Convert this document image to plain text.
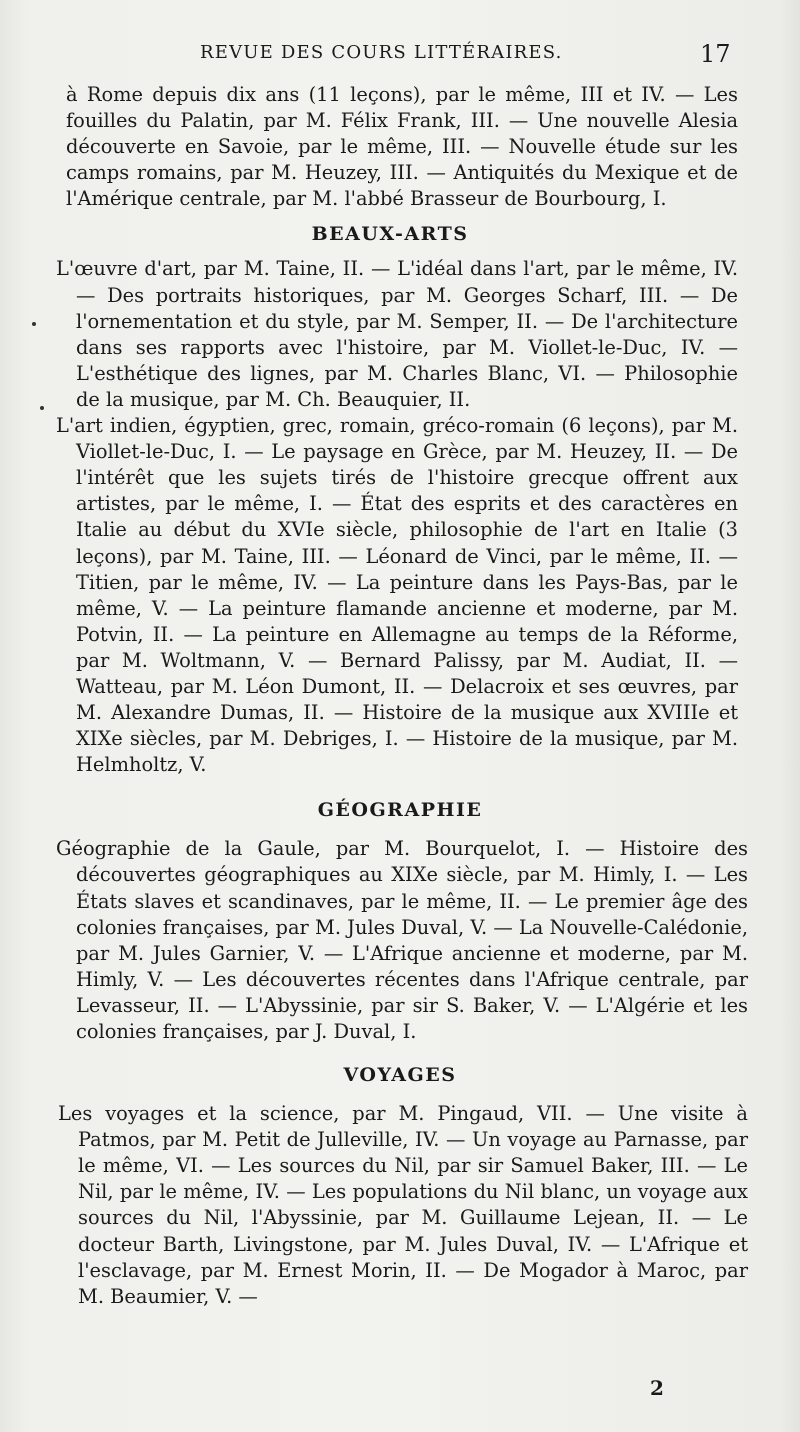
REVUE DES COURS LITTÉRAIRES.	17

à Rome depuis dix ans (11 leçons), par le même, III et IV. — Les fouilles du Palatin, par M. Félix Frank, III. — Une nouvelle Alesia découverte en Savoie, par le même, III. — Nouvelle étude sur les camps romains, par M. Heuzey, III. — Antiquités du Mexique et de l'Amérique centrale, par M. l'abbé Brasseur de Bourbourg, I.

BEAUX-ARTS

L'œuvre d'art, par M. Taine, II. — L'idéal dans l'art, par le même, IV. — Des portraits historiques, par M. Georges Scharf, III. — De l'ornementation et du style, par M. Semper, II. — De l'architecture dans ses rapports avec l'histoire, par M. Viollet-le-Duc, IV. — L'esthétique des lignes, par M. Charles Blanc, VI. — Philosophie de la musique, par M. Ch. Beauquier, II.

L'art indien, égyptien, grec, romain, gréco-romain (6 leçons), par M. Viollet-le-Duc, I. — Le paysage en Grèce, par M. Heuzey, II. — De l'intérêt que les sujets tirés de l'histoire grecque offrent aux artistes, par le même, I. — État des esprits et des caractères en Italie au début du XVIe siècle, philosophie de l'art en Italie (3 leçons), par M. Taine, III. — Léonard de Vinci, par le même, II. — Titien, par le même, IV. — La peinture dans les Pays-Bas, par le même, V. — La peinture flamande ancienne et moderne, par M. Potvin, II. — La peinture en Allemagne au temps de la Réforme, par M. Woltmann, V. — Bernard Palissy, par M. Audiat, II. — Watteau, par M. Léon Dumont, II. — Delacroix et ses œuvres, par M. Alexandre Dumas, II. — Histoire de la musique aux XVIIIe et XIXe siècles, par M. Debriges, I. — Histoire de la musique, par M. Helmholtz, V.

GÉOGRAPHIE

Géographie de la Gaule, par M. Bourquelot, I. — Histoire des découvertes géographiques au XIXe siècle, par M. Himly, I. — Les États slaves et scandinaves, par le même, II. — Le premier âge des colonies françaises, par M. Jules Duval, V. — La Nouvelle-Calédonie, par M. Jules Garnier, V. — L'Afrique ancienne et moderne, par M. Himly, V. — Les découvertes récentes dans l'Afrique centrale, par Levasseur, II. — L'Abyssinie, par sir S. Baker, V. — L'Algérie et les colonies françaises, par J. Duval, I.

VOYAGES

Les voyages et la science, par M. Pingaud, VII. — Une visite à Patmos, par M. Petit de Julleville, IV. — Un voyage au Parnasse, par le même, VI. — Les sources du Nil, par sir Samuel Baker, III. — Le Nil, par le même, IV. — Les populations du Nil blanc, un voyage aux sources du Nil, l'Abyssinie, par M. Guillaume Lejean, II. — Le docteur Barth, Livingstone, par M. Jules Duval, IV. — L'Afrique et l'esclavage, par M. Ernest Morin, II. — De Mogador à Maroc, par M. Beaumier, V. —

2
